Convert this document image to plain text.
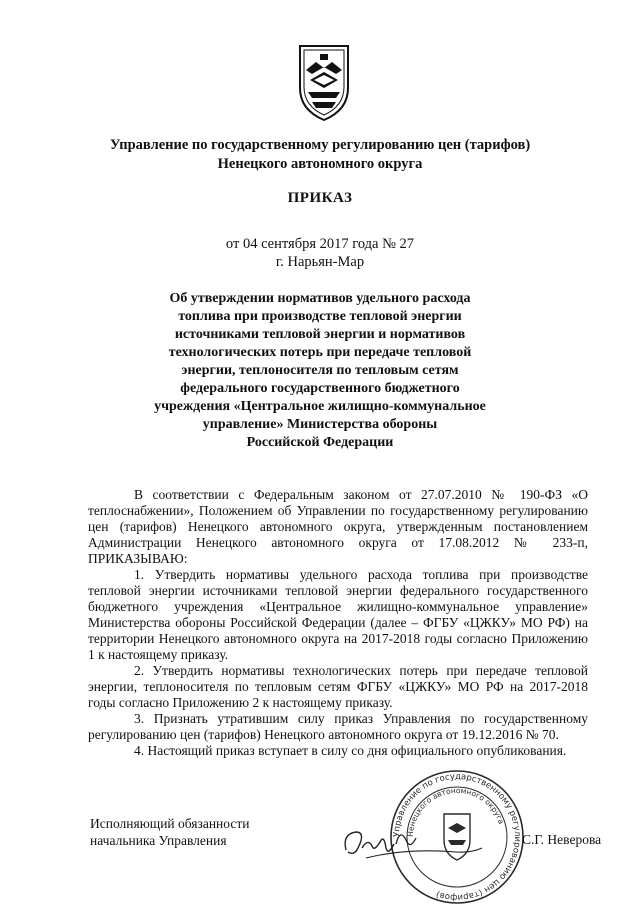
Управление по государственному регулированию цен (тарифов)
Ненецкого автономного округа
ПРИКАЗ
от 04 сентября 2017 года № 27
г. Нарьян-Мар
Об утверждении нормативов удельного расхода
топлива при производстве тепловой энергии
источниками тепловой энергии и нормативов
технологических потерь при передаче тепловой
энергии, теплоносителя по тепловым сетям
федерального государственного бюджетного
учреждения «Центральное жилищно-коммунальное
управление» Министерства обороны
Российской Федерации

В соответствии с Федеральным законом от 27.07.2010 № 190-ФЗ «О теплоснабжении», Положением об Управлении по государственному регулированию цен (тарифов) Ненецкого автономного округа, утвержденным постановлением Администрации Ненецкого автономного округа от 17.08.2012 № 233-п, ПРИКАЗЫВАЮ:

1. Утвердить нормативы удельного расхода топлива при производстве тепловой энергии источниками тепловой энергии федерального государственного бюджетного учреждения «Центральное жилищно-коммунальное управление» Министерства обороны Российской Федерации (далее – ФГБУ «ЦЖКУ» МО РФ) на территории Ненецкого автономного округа на 2017-2018 годы согласно Приложению 1 к настоящему приказу.

2. Утвердить нормативы технологических потерь при передаче тепловой энергии, теплоносителя по тепловым сетям ФГБУ «ЦЖКУ» МО РФ на 2017-2018 годы согласно Приложению 2 к настоящему приказу.

3. Признать утратившим силу приказ Управления по государственному регулированию цен (тарифов) Ненецкого автономного округа от 19.12.2016 № 70.

4. Настоящий приказ вступает в силу со дня официального опубликования.

Исполняющий обязанности
начальника Управления	Управление по государственному регулированию цен (тарифов)
Ненецкого автономного округа
С.Г. Неверова
